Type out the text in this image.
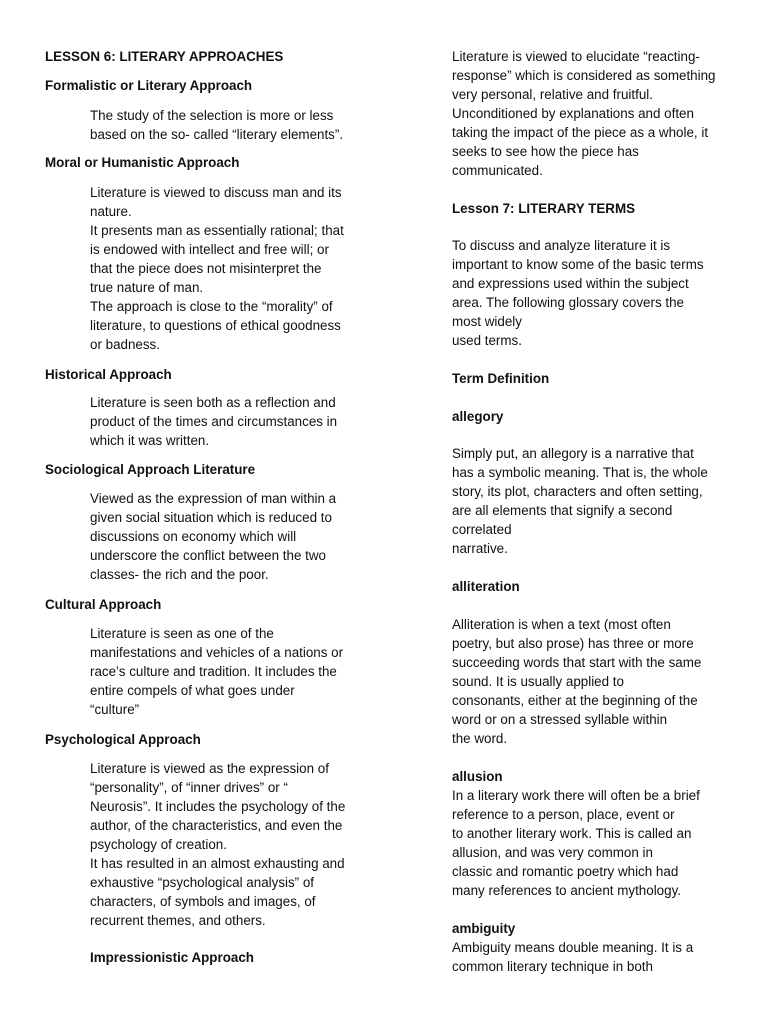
LESSON 6: LITERARY APPROACHES
Formalistic or Literary Approach
The study of the selection is more or less
based on the so- called “literary elements”.
Moral or Humanistic Approach
Literature is viewed to discuss man and its
nature.
It presents man as essentially rational; that
is endowed with intellect and free will; or
that the piece does not misinterpret the
true nature of man.
The approach is close to the “morality” of
literature, to questions of ethical goodness
or badness.
Historical Approach
Literature is seen both as a reflection and
product of the times and circumstances in
which it was written.
Sociological Approach Literature
Viewed as the expression of man within a
given social situation which is reduced to
discussions on economy which will
underscore the conflict between the two
classes- the rich and the poor.
Cultural Approach
Literature is seen as one of the
manifestations and vehicles of a nations or
race’s culture and tradition. It includes the
entire compels of what goes under
“culture”
Psychological Approach
Literature is viewed as the expression of
“personality”, of “inner drives” or “
Neurosis”. It includes the psychology of the
author, of the characteristics, and even the
psychology of creation.
It has resulted in an almost exhausting and
exhaustive “psychological analysis” of
characters, of symbols and images, of
recurrent themes, and others.
Impressionistic Approach
Literature is viewed to elucidate “reacting-
response” which is considered as something
very personal, relative and fruitful.
Unconditioned by explanations and often
taking the impact of the piece as a whole, it
seeks to see how the piece has
communicated.
Lesson 7: LITERARY TERMS
To discuss and analyze literature it is
important to know some of the basic terms
and expressions used within the subject
area. The following glossary covers the
most widely
used terms.
Term Definition
allegory
Simply put, an allegory is a narrative that
has a symbolic meaning. That is, the whole
story, its plot, characters and often setting,
are all elements that signify a second
correlated
narrative.
alliteration
Alliteration is when a text (most often
poetry, but also prose) has three or more
succeeding words that start with the same
sound. It is usually applied to
consonants, either at the beginning of the
word or on a stressed syllable within
the word.
allusion
In a literary work there will often be a brief
reference to a person, place, event or
to another literary work. This is called an
allusion, and was very common in
classic and romantic poetry which had
many references to ancient mythology.
ambiguity
Ambiguity means double meaning. It is a
common literary technique in both
